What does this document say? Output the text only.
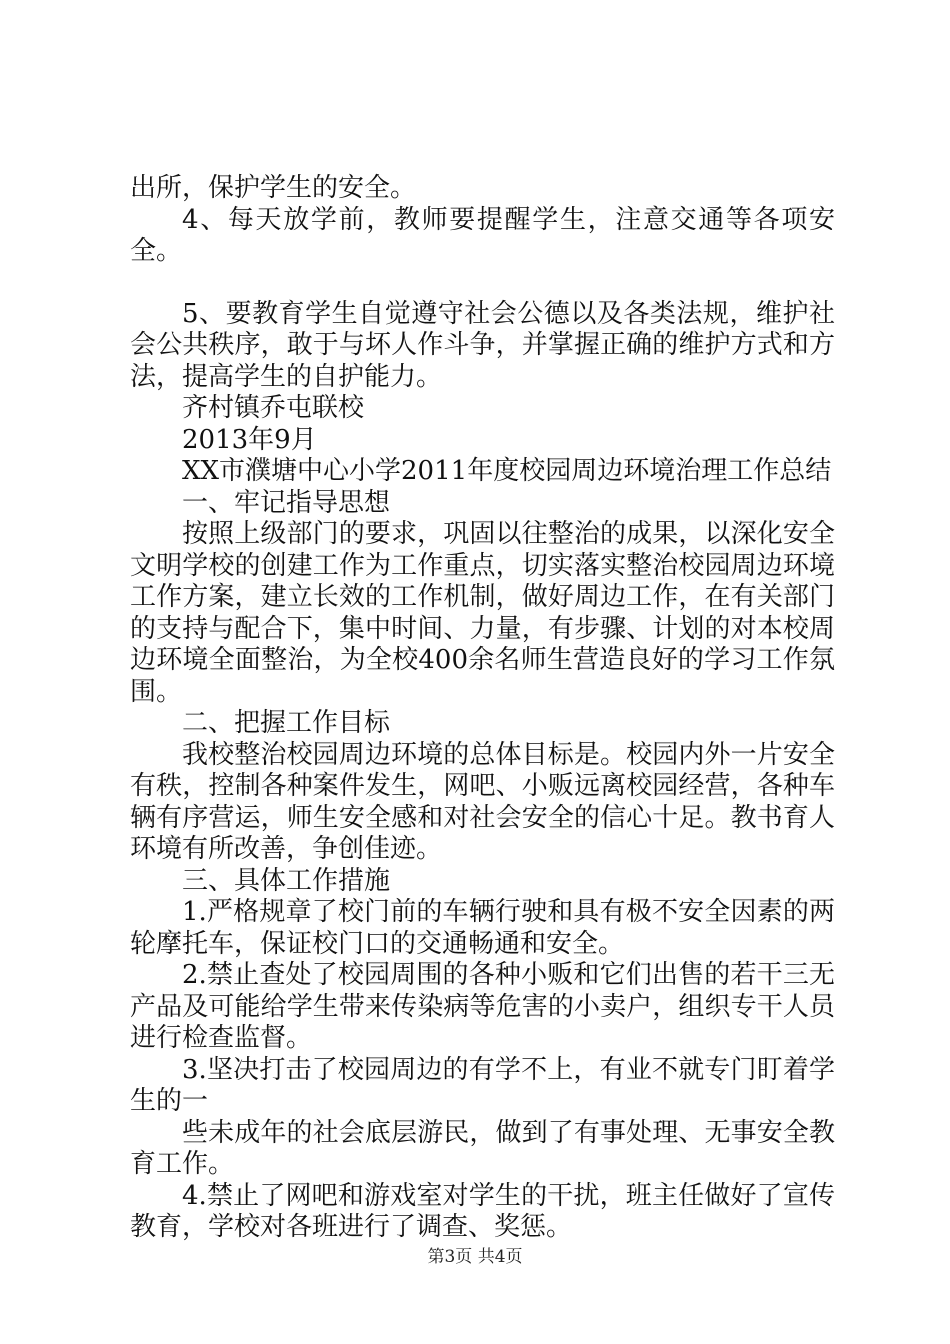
出所，保护学生的安全。

4、每天放学前，教师要提醒学生，注意交通等各项安全。

5、要教育学生自觉遵守社会公德以及各类法规，维护社会公共秩序，敢于与坏人作斗争，并掌握正确的维护方式和方法，提高学生的自护能力。

齐村镇乔屯联校

2013年9月

XX市濮塘中心小学2011年度校园周边环境治理工作总结

一、牢记指导思想

按照上级部门的要求，巩固以往整治的成果，以深化安全文明学校的创建工作为工作重点，切实落实整治校园周边环境工作方案，建立长效的工作机制，做好周边工作，在有关部门的支持与配合下，集中时间、力量，有步骤、计划的对本校周边环境全面整治，为全校400余名师生营造良好的学习工作氛围。

二、把握工作目标

我校整治校园周边环境的总体目标是。校园内外一片安全有秩，控制各种案件发生，网吧、小贩远离校园经营，各种车辆有序营运，师生安全感和对社会安全的信心十足。教书育人环境有所改善，争创佳迹。

三、具体工作措施

1.严格规章了校门前的车辆行驶和具有极不安全因素的两轮摩托车，保证校门口的交通畅通和安全。

2.禁止查处了校园周围的各种小贩和它们出售的若干三无产品及可能给学生带来传染病等危害的小卖户，组织专干人员进行检查监督。

3.坚决打击了校园周边的有学不上，有业不就专门盯着学生的一

些未成年的社会底层游民，做到了有事处理、无事安全教育工作。

4.禁止了网吧和游戏室对学生的干扰，班主任做好了宣传教育，学校对各班进行了调查、奖惩。

第3页 共4页
